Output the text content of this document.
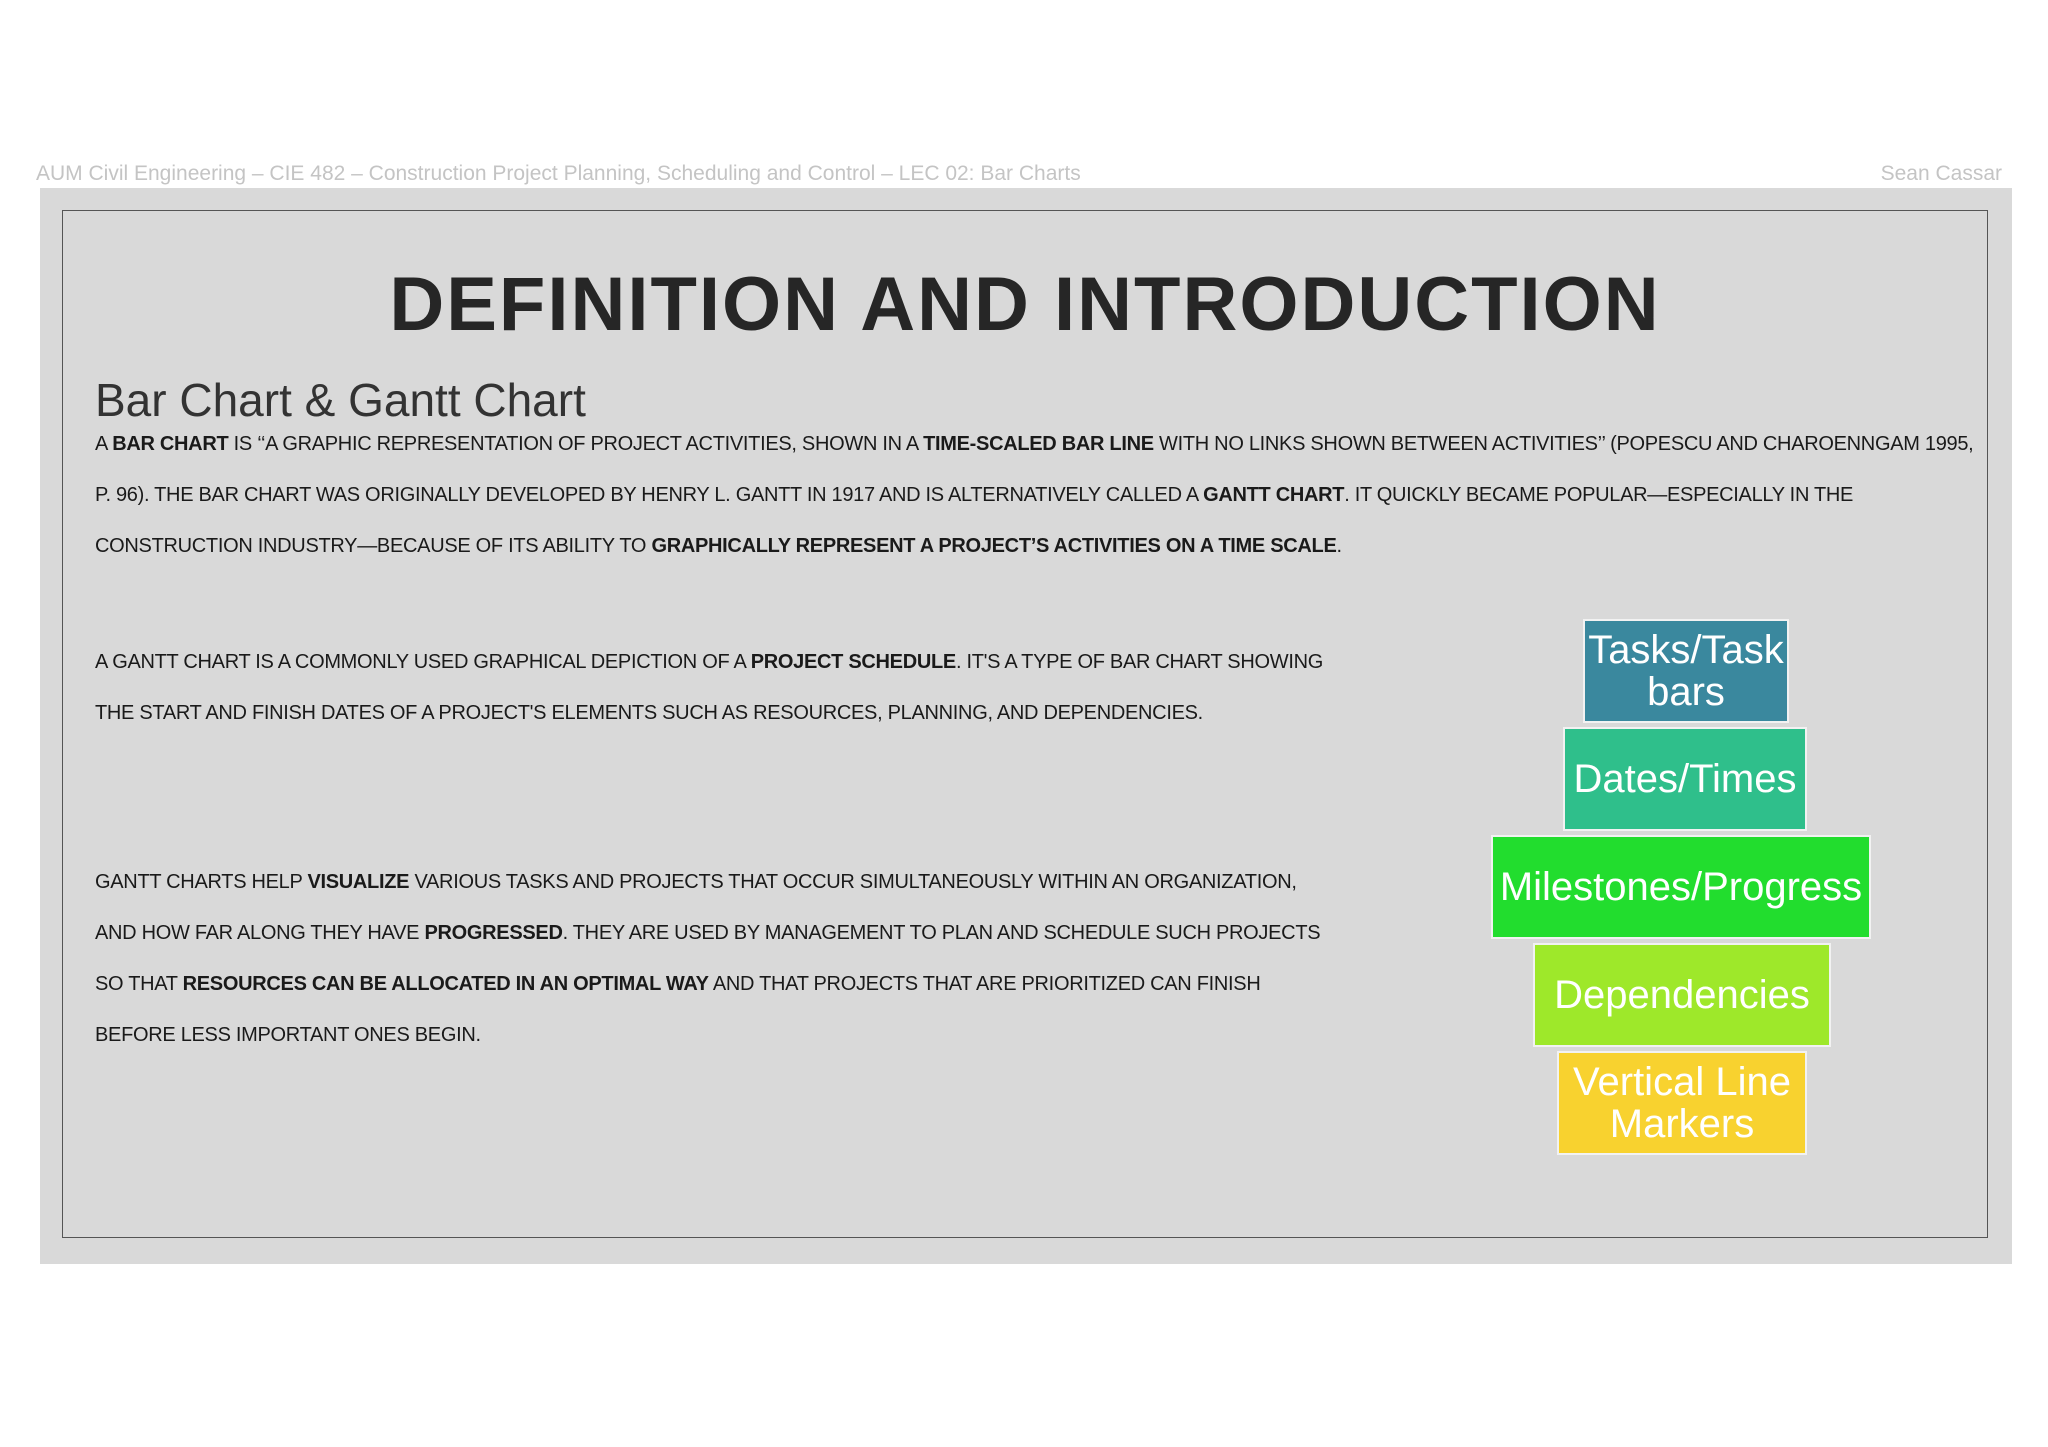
AUM Civil Engineering – CIE 482 – Construction Project Planning, Scheduling and Control – LEC 02: Bar Charts	Sean Cassar
DEFINITION AND INTRODUCTION
Bar Chart & Gantt Chart

A BAR CHART IS ‘‘A GRAPHIC REPRESENTATION OF PROJECT ACTIVITIES, SHOWN IN A TIME-SCALED BAR LINE WITH NO LINKS SHOWN BETWEEN ACTIVITIES’’ (POPESCU AND CHAROENNGAM 1995, P. 96). THE BAR CHART WAS ORIGINALLY DEVELOPED BY HENRY L. GANTT IN 1917 AND IS ALTERNATIVELY CALLED A GANTT CHART. IT QUICKLY BECAME POPULAR—ESPECIALLY IN THE CONSTRUCTION INDUSTRY—BECAUSE OF ITS ABILITY TO GRAPHICALLY REPRESENT A PROJECT’S ACTIVITIES ON A TIME SCALE.

A GANTT CHART IS A COMMONLY USED GRAPHICAL DEPICTION OF A PROJECT SCHEDULE. IT'S A TYPE OF BAR CHART SHOWING THE START AND FINISH DATES OF A PROJECT'S ELEMENTS SUCH AS RESOURCES, PLANNING, AND DEPENDENCIES.

GANTT CHARTS HELP VISUALIZE VARIOUS TASKS AND PROJECTS THAT OCCUR SIMULTANEOUSLY WITHIN AN ORGANIZATION, AND HOW FAR ALONG THEY HAVE PROGRESSED. THEY ARE USED BY MANAGEMENT TO PLAN AND SCHEDULE SUCH PROJECTS SO THAT RESOURCES CAN BE ALLOCATED IN AN OPTIMAL WAY AND THAT PROJECTS THAT ARE PRIORITIZED CAN FINISH BEFORE LESS IMPORTANT ONES BEGIN.

Tasks/Task
bars
Dates/Times
Milestones/Progress
Dependencies
Vertical Line
Markers
